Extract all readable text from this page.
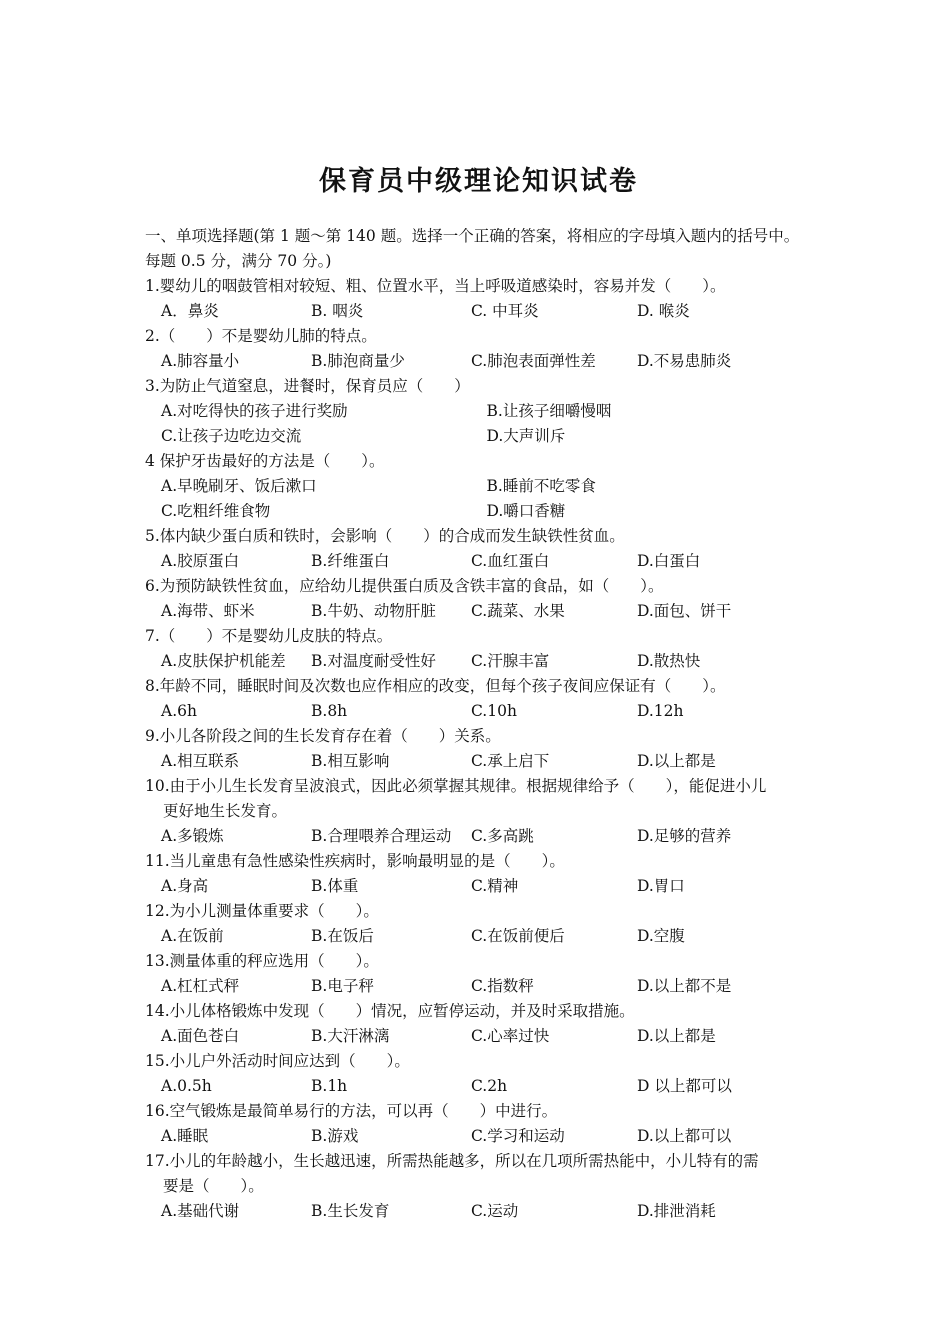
保育员中级理论知识试卷
一、单项选择题(第 1 题～第 140 题。选择一个正确的答案，将相应的字母填入题内的括号中。每题 0.5 分，满分 70 分。)
1.婴幼儿的咽鼓管相对较短、粗、位置水平，当上呼吸道感染时，容易并发（　　）。
A．鼻炎	B. 咽炎	C. 中耳炎	D. 喉炎
2.（　　）不是婴幼儿肺的特点。
A.肺容量小	B.肺泡商量少	C.肺泡表面弹性差	D.不易患肺炎
3.为防止气道窒息，进餐时，保育员应（　　）
A.对吃得快的孩子进行奖励	B.让孩子细嚼慢咽
C.让孩子边吃边交流	D.大声训斥
4 保护牙齿最好的方法是（　　）。
A.早晚刷牙、饭后漱口	B.睡前不吃零食
C.吃粗纤维食物	D.嚼口香糖
5.体内缺少蛋白质和铁时，会影响（　　）的合成而发生缺铁性贫血。
A.胶原蛋白	B.纤维蛋白	C.血红蛋白	D.白蛋白
6.为预防缺铁性贫血，应给幼儿提供蛋白质及含铁丰富的食品，如（　　）。
A.海带、虾米	B.牛奶、动物肝脏	C.蔬菜、水果	D.面包、饼干
7.（　　）不是婴幼儿皮肤的特点。
A.皮肤保护机能差	B.对温度耐受性好	C.汗腺丰富	D.散热快
8.年龄不同，睡眠时间及次数也应作相应的改变，但每个孩子夜间应保证有（　　）。
A.6h	B.8h	C.10h	D.12h
9.小儿各阶段之间的生长发育存在着（　　）关系。
A.相互联系	B.相互影响	C.承上启下	D.以上都是
10.由于小儿生长发育呈波浪式，因此必须掌握其规律。根据规律给予（　　），能促进小儿
更好地生长发育。
A.多锻炼	B.合理喂养合理运动	C.多高跳	D.足够的营养
11.当儿童患有急性感染性疾病时，影响最明显的是（　　）。
A.身高	B.体重	C.精神	D.胃口
12.为小儿测量体重要求（　　）。
A.在饭前	B.在饭后	C.在饭前便后	D.空腹
13.测量体重的秤应选用（　　）。
A.杠杠式秤	B.电子秤	C.指数秤	D.以上都不是
14.小儿体格锻炼中发现（　　）情况，应暂停运动，并及时采取措施。
A.面色苍白	B.大汗淋漓	C.心率过快	D.以上都是
15.小儿户外活动时间应达到（　　）。
A.0.5h	B.1h	C.2h	D 以上都可以
16.空气锻炼是最简单易行的方法，可以再（　　）中进行。
A.睡眠	B.游戏	C.学习和运动	D.以上都可以
17.小儿的年龄越小，生长越迅速，所需热能越多，所以在几项所需热能中，小儿特有的需
要是（　　）。
A.基础代谢	B.生长发育	C.运动	D.排泄消耗
